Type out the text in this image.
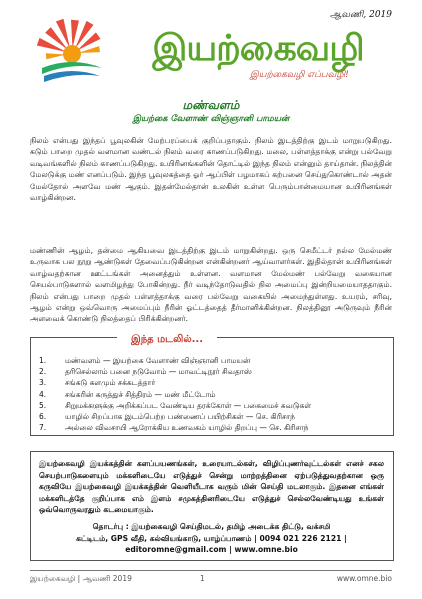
ஆவணி, 2019
இயற்கைவழி
இயற்கைவழி எப்பவழி!
மண்வளம்
இயற்கை வேளாண் விஞ்ஞானி பாமயன்
நிலம் என்பது இந்தப் பூவுலகின் மேற்பரப்பைக் குறிப்பதாகும். நிலம் இடத்திற்கு இடம் மாறுபடுகிறது. கடும் பாறை முதல் வளமான வண்டல் நிலம் வரை காணப்படுகிறது. மலை, பள்ளத்தாக்கு என்று பல்வேறு வடிவங்களில் நிலம் காணப்படுகிறது. உயிரினங்களின் தொட்டில் இந்த நிலம் என்னும் தாய்தான். நிலத்தின் மேலடுக்கு மண் எனப்படும். இந்த பூவுலகத்தை ஓர் ஆப்பிள் பழமாகப் கற்பனை செய்துகொண்டால் அதன் மேல்தோல் அளவே மண் ஆகும். இதன்மேல்தான் உலகின் உள்ள பெரும்பான்மையான உயிரினங்கள் வாழ்கின்றன.
மண்ணின் ஆழம், தன்மை ஆகியவை இடத்திற்கு இடம் மாறுகின்றது. ஒரு செமீட்டர் நல்ல மேல்மண் உருவாக பல நூறு ஆண்டுகள் தேவைப்படுகின்றன என்கின்றனர் ஆய்வாளர்கள். இதில்தான் உயிரினங்கள் வாழ்வதற்கான ஊட்டங்கள் அனைத்தும் உள்ளன. வளமான மேல்மண் பல்வேறு வகையான செயல்பாடுகளால் வளமிழந்து போகின்றது. நீர் வடிந்தோடுவதில் நில அமைப்பு இன்றியமையாததாகும். நிலம் என்பது பாறை முதல் பள்ளத்தாக்கு வரை பல்வேறு வகையில் அமைந்துள்ளது. உயரம், சரிவு, ஆழம் என்று ஒவ்வொரு அமைப்பும் நீரின் ஓட்டத்தைத் தீர்மானிக்கின்றன. நிலத்தினூ அடுருவும் நீரின் அளவைக் கொண்டு நிலத்தைப் பிரிக்கின்றனர்.
இந்த மடலில்...
1.	மண்வளம் — இயற்கை வேளாண் விஞ்ஞானி பாமயன்
2.	தரிசெல்லாம் பனை நடுவோம் — மாவட்டிநூர் சிவதாஸ்
3.	சங்கடு களமும் சக்கடத்தார்
4.	சங்கரின் கருத்துச் சித்திரம் — மண் மீட்டோம்
5.	சிறுமக்களுக்கு அறிக்கப்பட வேண்டிய தரக்கோள் — பகைமைச் சுவடுகள்
6.	யாழில் சிறப்பாக இடம்பெற்ற பண்ணைப் பயிற்சிகள் — செ. கிரிசாந்
7.	அல்லை விவசாயி ஆரோக்கிய உணவகம் யாழில் திறப்பு — செ. கிரிசாந்
இயற்கைவழி இயக்கத்தின் களப்பயணங்கள், உரையாடல்கள், விழிப்புணர்வுட்டல்கள் எனச் சகல செயற்பாடுகளையும் மக்களிடையே எடுத்துச் சென்று மாற்றத்தினை ஏற்படுத்துவதற்கான ஒரு கருவியே இயற்கைவழி இயக்கத்தின் வெளியீடாக வரும் மின் செய்தி மடலாகும். இதனை எங்கள் மக்களிடத்தே குறிப்பாக எம் இளம் சமுகத்தினரிடையே எடுத்துச் செல்லவேண்டியது உங்கள் ஒவ்வொருவரதும் கடமையாகும்.
தொடர்பு : இயற்கைவழி செய்திமடல், தமிழ் அடைக்க திட்டு, வக்சமி
கட்டிடம், GPS வீதி, கல்வியங்காடு, யாழ்ப்பாணம் | 0094 021 226 2121 |
editoromne@gmail.com | www.omne.bio
இயற்கைவழி | ஆவணி 2019	1	www.omne.bio
